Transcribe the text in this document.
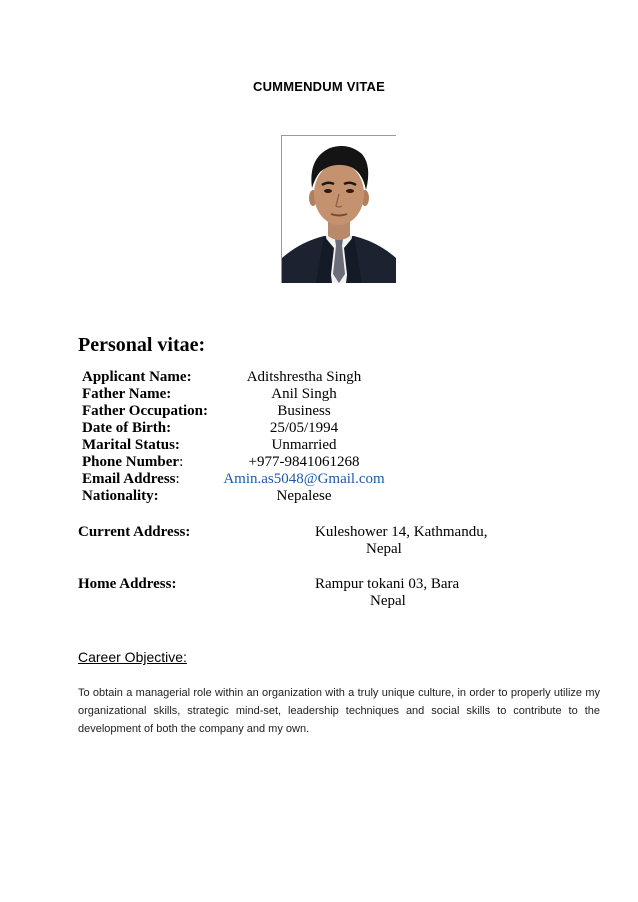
CUMMENDUM VITAE
Personal vitae:
Applicant Name:	Aditshrestha Singh
Father Name:	Anil Singh
Father Occupation:	Business
Date of Birth:	25/05/1994
Marital Status:	Unmarried
Phone Number:	+977-9841061268
Email Address:	Amin.as5048@Gmail.com
Nationality:	Nepalese
Current Address:	Kuleshower 14, Kathmandu,
Nepal
Home Address:	Rampur tokani 03, Bara
Nepal
Career Objective:
To obtain a managerial role within an organization with a truly unique culture, in order to properly utilize my organizational skills, strategic mind-set, leadership techniques and social skills to contribute to the development of both the company and my own.
